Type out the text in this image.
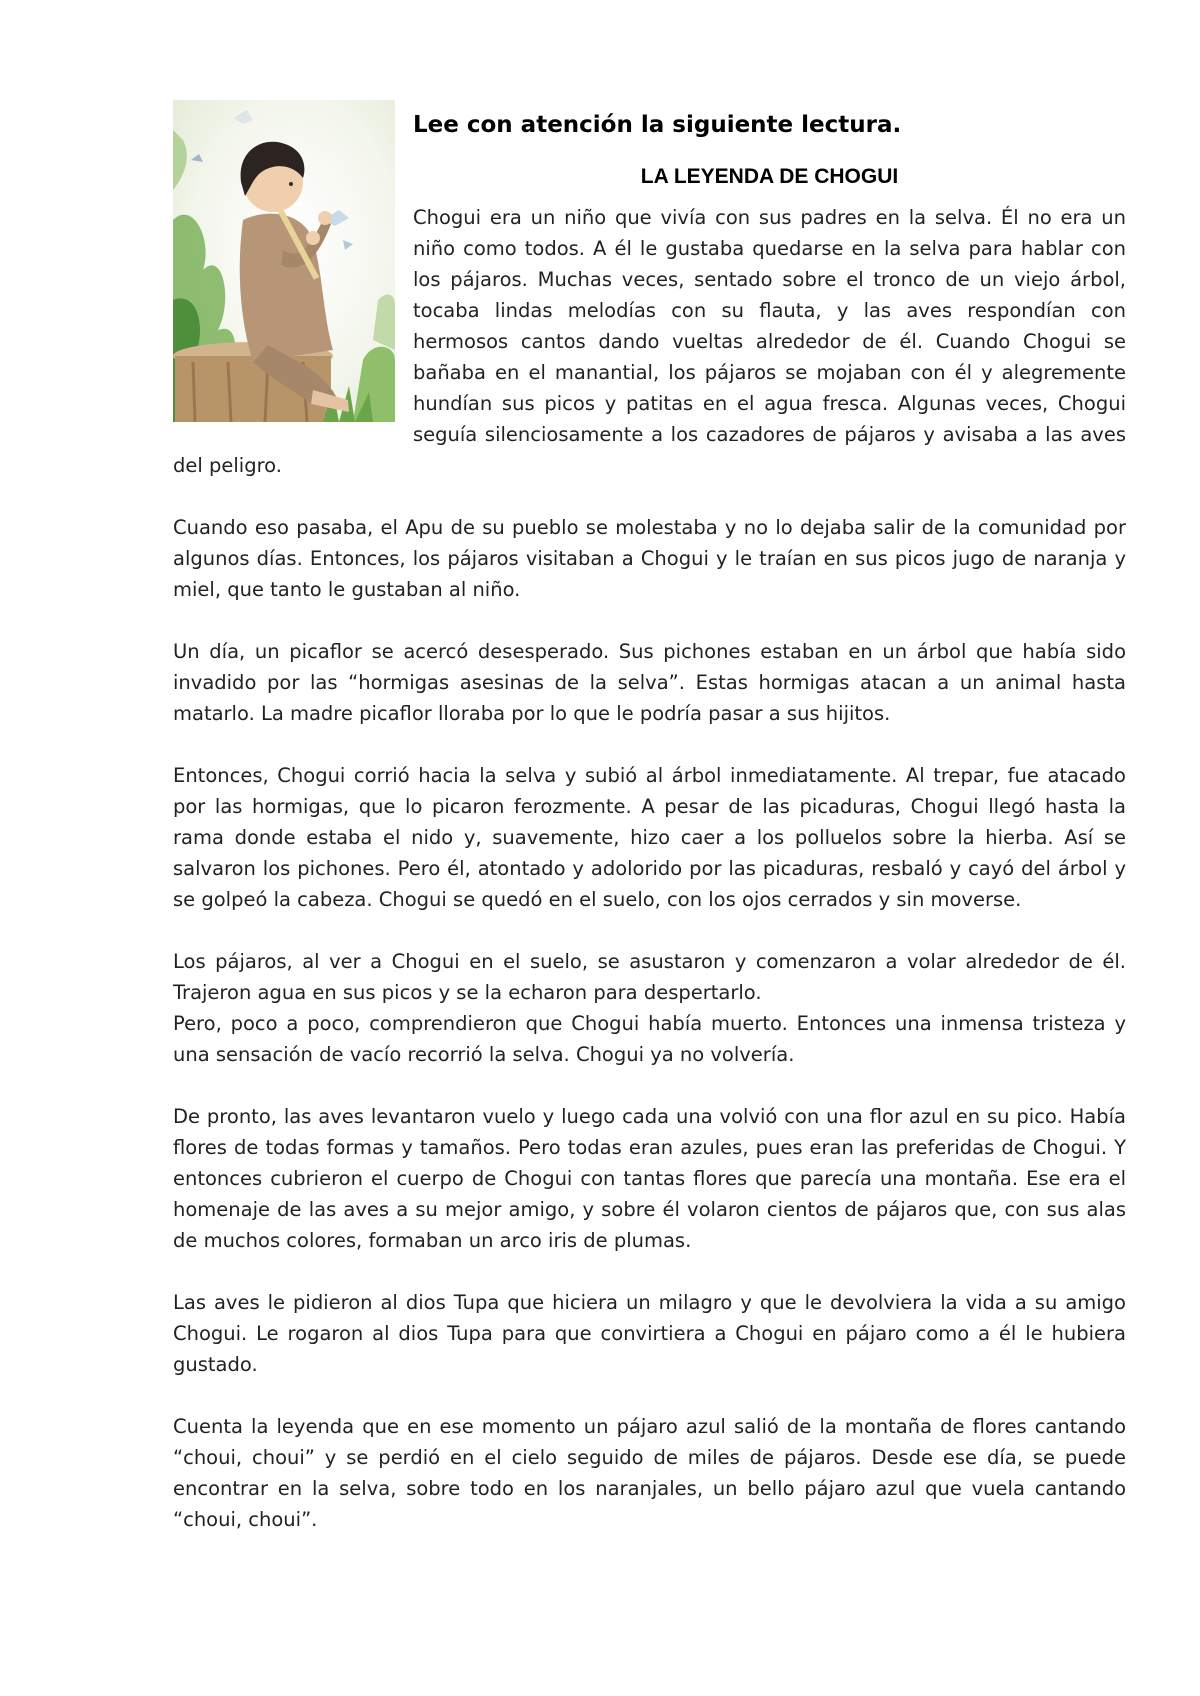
Lee con atención la siguiente lectura.

LA LEYENDA DE CHOGUI

Chogui era un niño que vivía con sus padres en la selva. Él no era un niño como todos. A él le gustaba quedarse en la selva para hablar con los pájaros. Muchas veces, sentado sobre el tronco de un viejo árbol, tocaba lindas melodías con su flauta, y las aves respondían con hermosos cantos dando vueltas alrededor de él. Cuando Chogui se bañaba en el manantial, los pájaros se mojaban con él y alegremente hundían sus picos y patitas en el agua fresca. Algunas veces, Chogui seguía silenciosamente a los cazadores de pájaros y avisaba a las aves del peligro.

Cuando eso pasaba, el Apu de su pueblo se molestaba y no lo dejaba salir de la comunidad por algunos días. Entonces, los pájaros visitaban a Chogui y le traían en sus picos jugo de naranja y miel, que tanto le gustaban al niño.

Un día, un picaflor se acercó desesperado. Sus pichones estaban en un árbol que había sido invadido por las “hormigas asesinas de la selva”. Estas hormigas atacan a un animal hasta matarlo. La madre picaflor lloraba por lo que le podría pasar a sus hijitos.

Entonces, Chogui corrió hacia la selva y subió al árbol inmediatamente. Al trepar, fue atacado por las hormigas, que lo picaron ferozmente. A pesar de las picaduras, Chogui llegó hasta la rama donde estaba el nido y, suavemente, hizo caer a los polluelos sobre la hierba. Así se salvaron los pichones. Pero él, atontado y adolorido por las picaduras, resbaló y cayó del árbol y se golpeó la cabeza. Chogui se quedó en el suelo, con los ojos cerrados y sin moverse.

Los pájaros, al ver a Chogui en el suelo, se asustaron y comenzaron a volar alrededor de él. Trajeron agua en sus picos y se la echaron para despertarlo.

Pero, poco a poco, comprendieron que Chogui había muerto. Entonces una inmensa tristeza y una sensación de vacío recorrió la selva. Chogui ya no volvería.

De pronto, las aves levantaron vuelo y luego cada una volvió con una flor azul en su pico. Había flores de todas formas y tamaños. Pero todas eran azules, pues eran las preferidas de Chogui. Y entonces cubrieron el cuerpo de Chogui con tantas flores que parecía una montaña. Ese era el homenaje de las aves a su mejor amigo, y sobre él volaron cientos de pájaros que, con sus alas de muchos colores, formaban un arco iris de plumas.

Las aves le pidieron al dios Tupa que hiciera un milagro y que le devolviera la vida a su amigo Chogui. Le rogaron al dios Tupa para que convirtiera a Chogui en pájaro como a él le hubiera gustado.

Cuenta la leyenda que en ese momento un pájaro azul salió de la montaña de flores cantando “choui, choui” y se perdió en el cielo seguido de miles de pájaros. Desde ese día, se puede encontrar en la selva, sobre todo en los naranjales, un bello pájaro azul que vuela cantando “choui, choui”.
